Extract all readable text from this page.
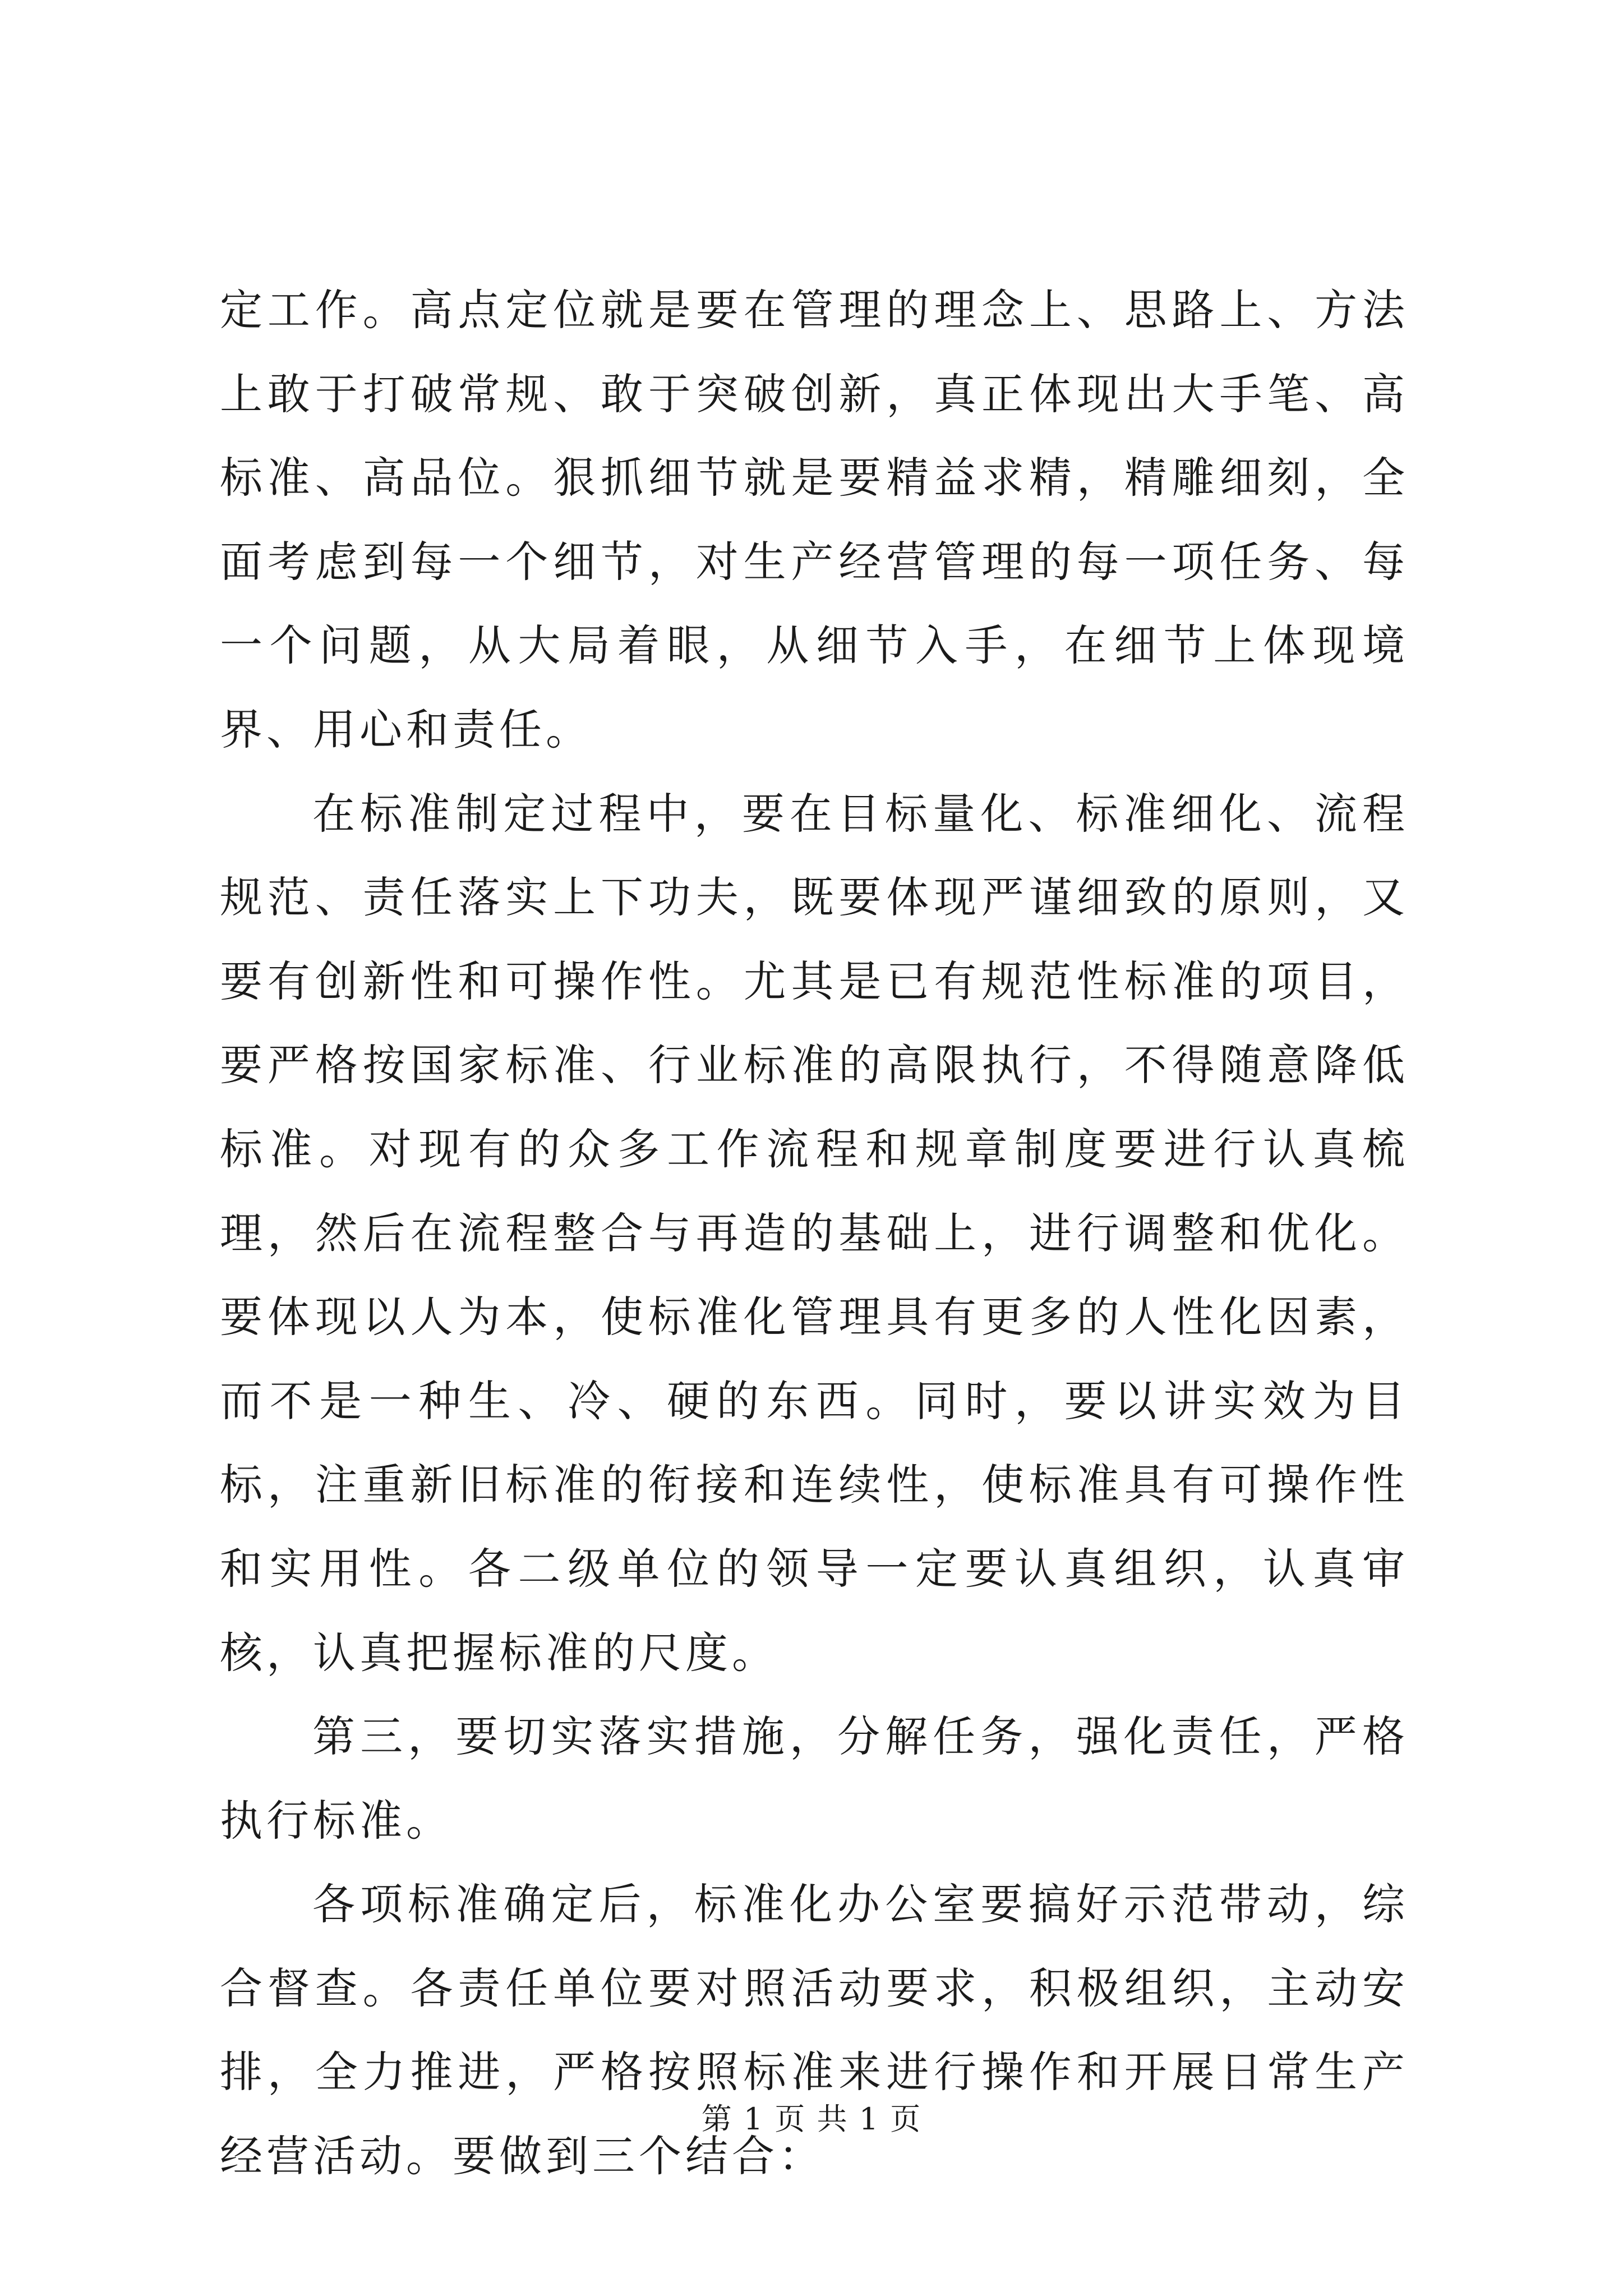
定工作。高点定位就是要在管理的理念上、思路上、方法上敢于打破常规、敢于突破创新，真正体现出大手笔、高标准、高品位。狠抓细节就是要精益求精，精雕细刻，全面考虑到每一个细节，对生产经营管理的每一项任务、每一个问题，从大局着眼，从细节入手，在细节上体现境界、用心和责任。

在标准制定过程中，要在目标量化、标准细化、流程规范、责任落实上下功夫，既要体现严谨细致的原则，又要有创新性和可操作性。尤其是已有规范性标准的项目，要严格按国家标准、行业标准的高限执行，不得随意降低标准。对现有的众多工作流程和规章制度要进行认真梳理，然后在流程整合与再造的基础上，进行调整和优化。要体现以人为本，使标准化管理具有更多的人性化因素，而不是一种生、冷、硬的东西。同时，要以讲实效为目标，注重新旧标准的衔接和连续性，使标准具有可操作性和实用性。各二级单位的领导一定要认真组织，认真审核，认真把握标准的尺度。

第三，要切实落实措施，分解任务，强化责任，严格执行标准。

各项标准确定后，标准化办公室要搞好示范带动，综合督查。各责任单位要对照活动要求，积极组织，主动安排，全力推进，严格按照标准来进行操作和开展日常生产经营活动。要做到三个结合：

第 1 页 共 1 页
